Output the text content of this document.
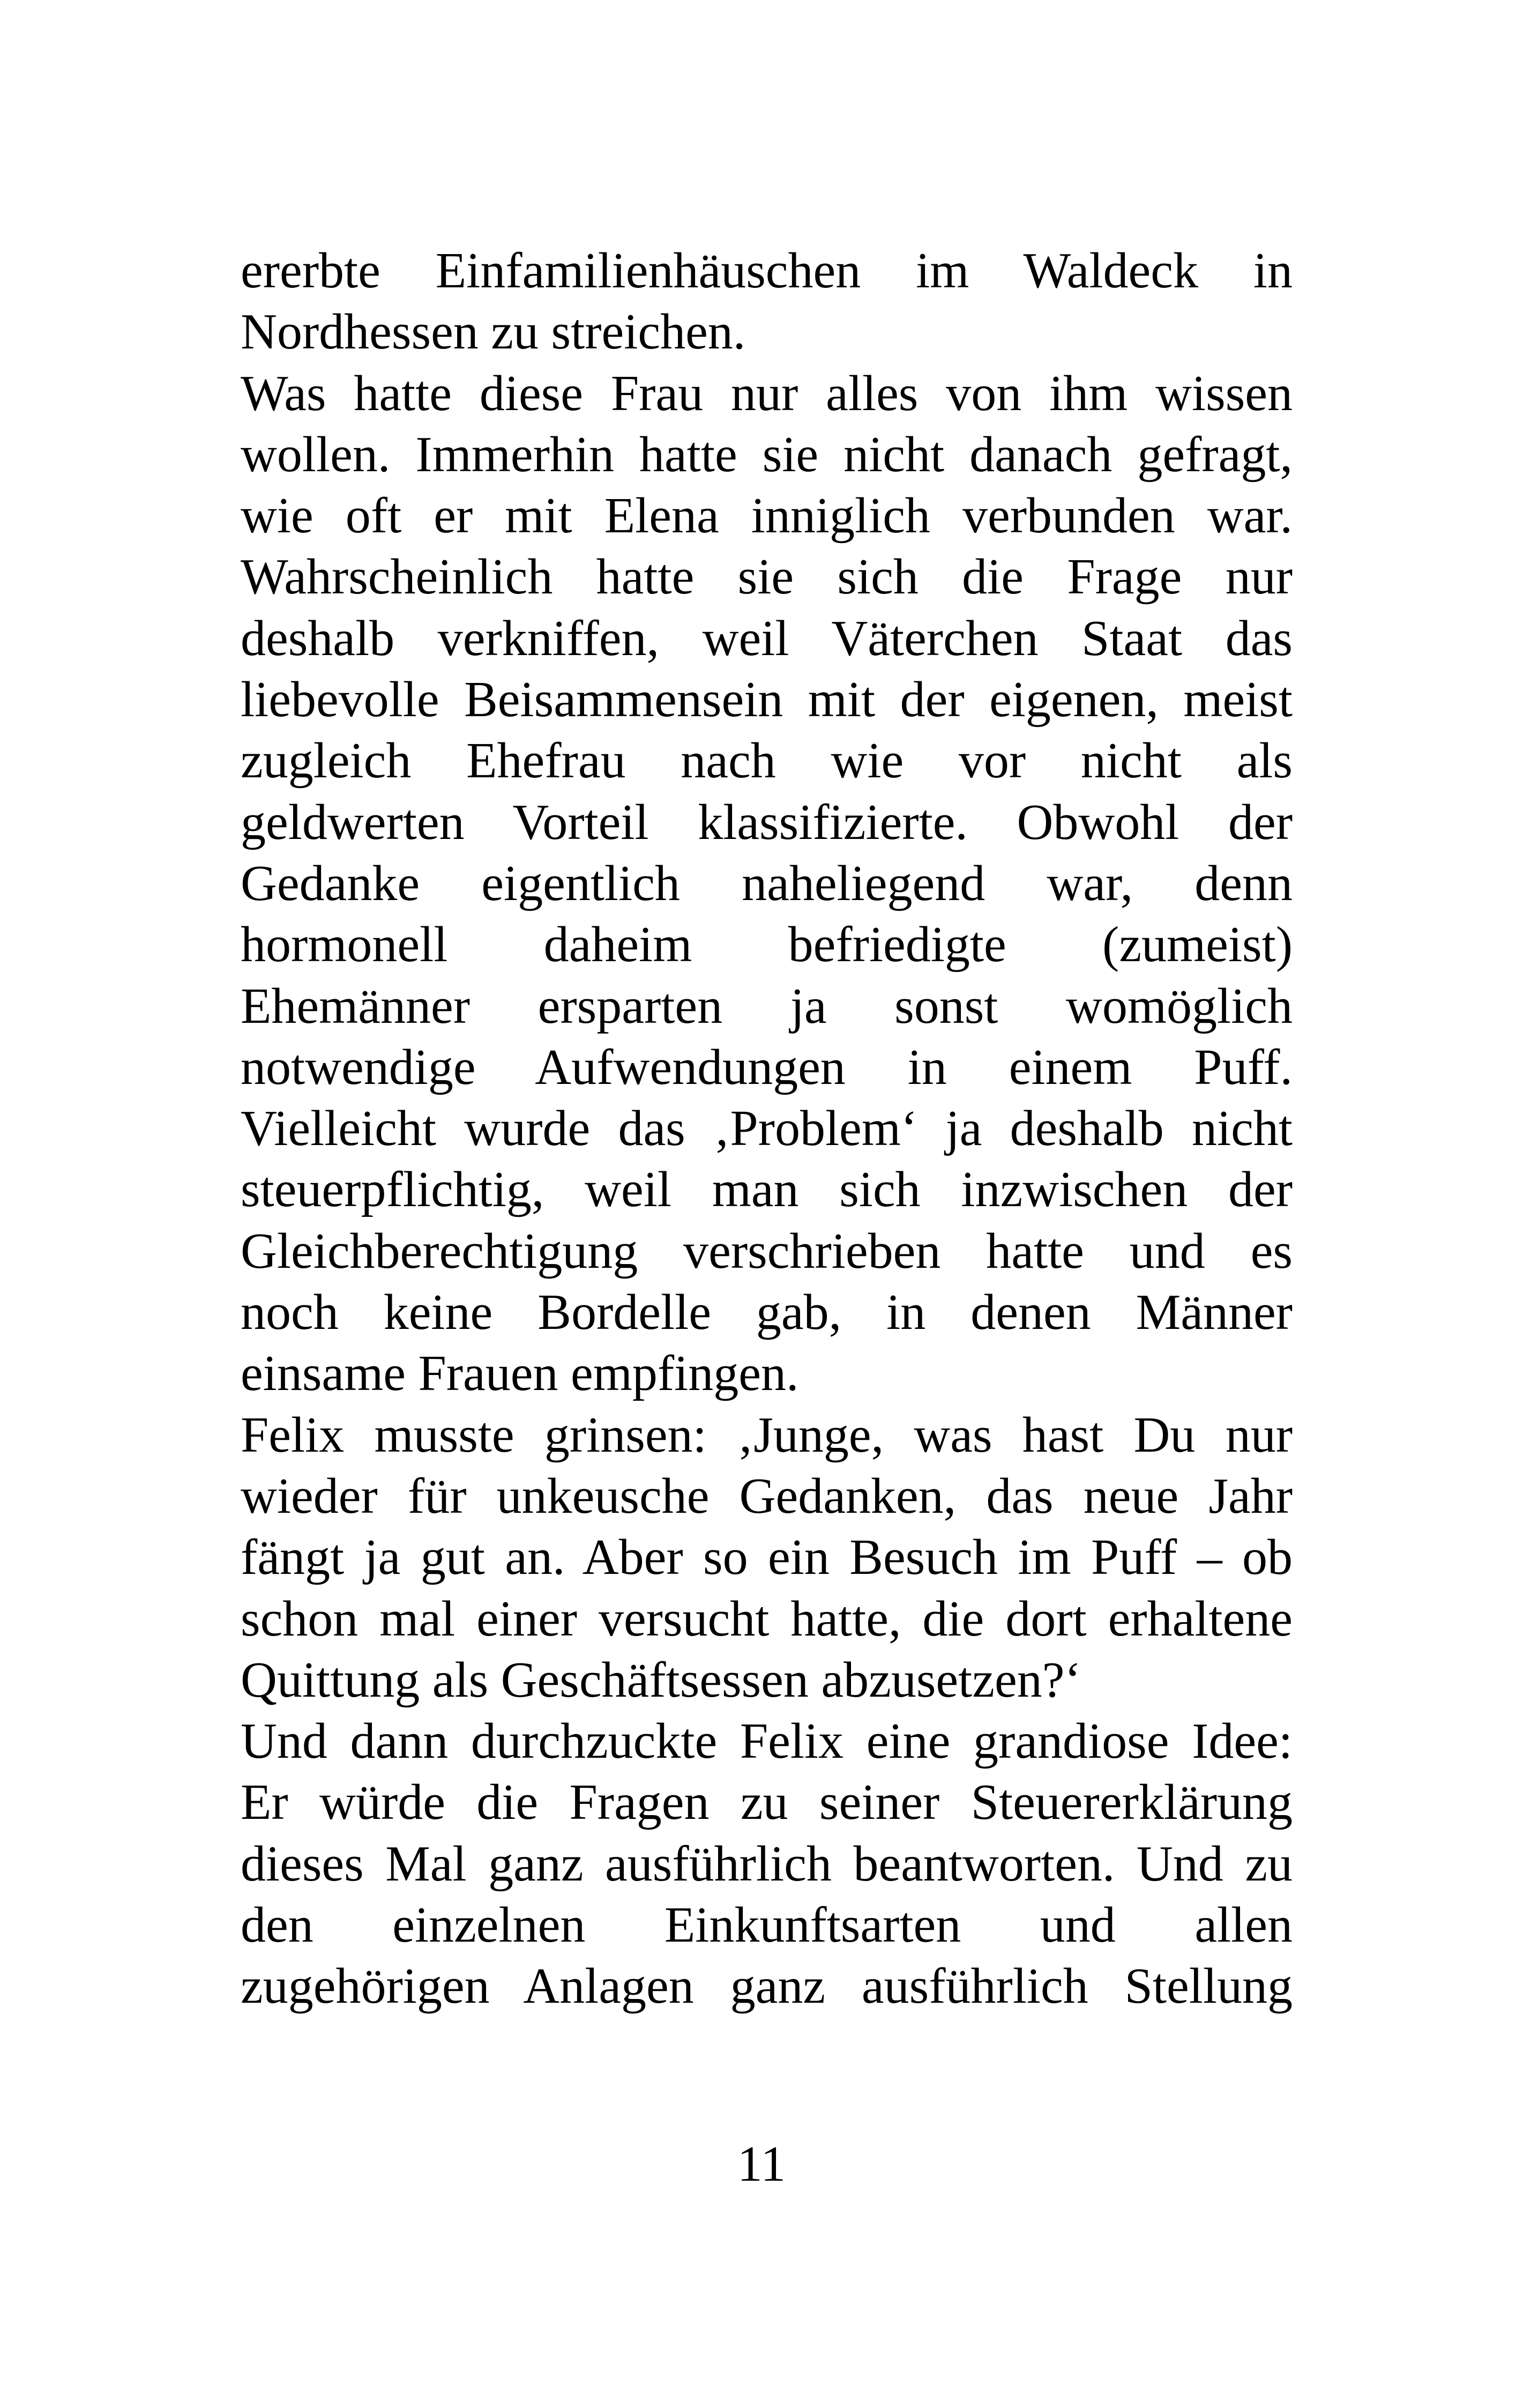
ererbte Einfamilienhäuschen im Waldeck in
Nordhessen zu streichen.
Was hatte diese Frau nur alles von ihm wissen
wollen. Immerhin hatte sie nicht danach gefragt,
wie oft er mit Elena inniglich verbunden war.
Wahrscheinlich hatte sie sich die Frage nur
deshalb verkniffen, weil Väterchen Staat das
liebevolle Beisammensein mit der eigenen, meist
zugleich Ehefrau nach wie vor nicht als
geldwerten Vorteil klassifizierte. Obwohl der
Gedanke eigentlich naheliegend war, denn
hormonell daheim befriedigte (zumeist)
Ehemänner ersparten ja sonst womöglich
notwendige Aufwendungen in einem Puff.
Vielleicht wurde das ‚Problem‘ ja deshalb nicht
steuerpflichtig, weil man sich inzwischen der
Gleichberechtigung verschrieben hatte und es
noch keine Bordelle gab, in denen Männer
einsame Frauen empfingen.
Felix musste grinsen: ‚Junge, was hast Du nur
wieder für unkeusche Gedanken, das neue Jahr
fängt ja gut an. Aber so ein Besuch im Puff – ob
schon mal einer versucht hatte, die dort erhaltene
Quittung als Geschäftsessen abzusetzen?‘
Und dann durchzuckte Felix eine grandiose Idee:
Er würde die Fragen zu seiner Steuererklärung
dieses Mal ganz ausführlich beantworten. Und zu
den einzelnen Einkunftsarten und allen
zugehörigen Anlagen ganz ausführlich Stellung
11
